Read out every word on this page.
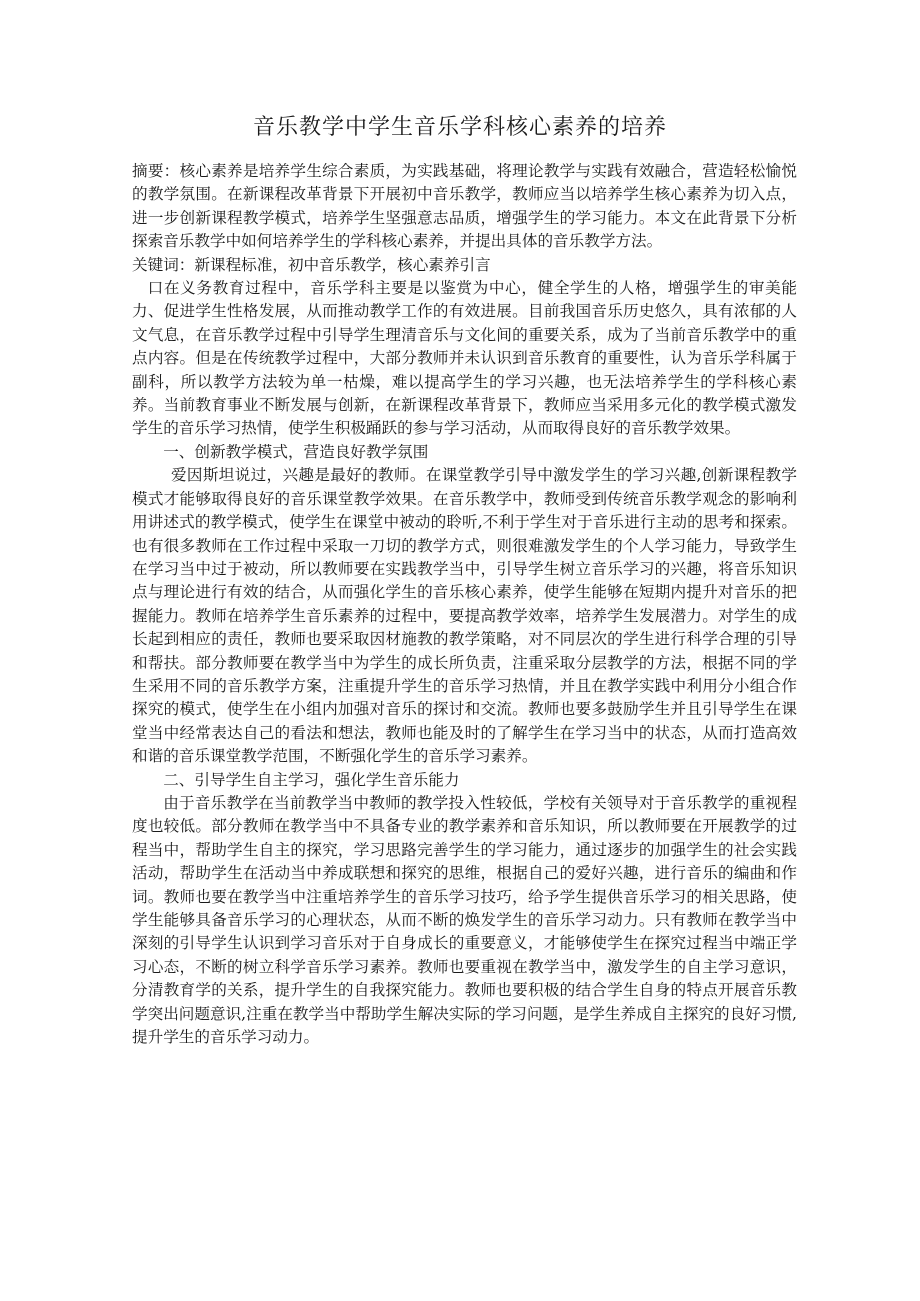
音乐教学中学生音乐学科核心素养的培养

摘要：核心素养是培养学生综合素质，为实践基础，将理论教学与实践有效融合，营造轻松愉悦的教学氛围。在新课程改革背景下开展初中音乐教学，教师应当以培养学生核心素养为切入点，进一步创新课程教学模式，培养学生坚强意志品质，增强学生的学习能力。本文在此背景下分析探索音乐教学中如何培养学生的学科核心素养，并提出具体的音乐教学方法。

关键词：新课程标准，初中音乐教学，核心素养引言

口在义务教育过程中，音乐学科主要是以鉴赏为中心，健全学生的人格，增强学生的审美能力、促进学生性格发展，从而推动教学工作的有效进展。目前我国音乐历史悠久，具有浓郁的人文气息，在音乐教学过程中引导学生理清音乐与文化间的重要关系，成为了当前音乐教学中的重点内容。但是在传统教学过程中，大部分教师并未认识到音乐教育的重要性，认为音乐学科属于副科，所以教学方法较为单一枯燥，难以提高学生的学习兴趣，也无法培养学生的学科核心素养。当前教育事业不断发展与创新，在新课程改革背景下，教师应当采用多元化的教学模式激发学生的音乐学习热情，使学生积极踊跃的参与学习活动，从而取得良好的音乐教学效果。

一、创新教学模式，营造良好教学氛围

爱因斯坦说过，兴趣是最好的教师。在课堂教学引导中激发学生的学习兴趣,创新课程教学模式才能够取得良好的音乐课堂教学效果。在音乐教学中，教师受到传统音乐教学观念的影响利用讲述式的教学模式，使学生在课堂中被动的聆听,不利于学生对于音乐进行主动的思考和探索。也有很多教师在工作过程中采取一刀切的教学方式，则很难激发学生的个人学习能力，导致学生在学习当中过于被动，所以教师要在实践教学当中，引导学生树立音乐学习的兴趣，将音乐知识点与理论进行有效的结合，从而强化学生的音乐核心素养，使学生能够在短期内提升对音乐的把握能力。教师在培养学生音乐素养的过程中，要提高教学效率，培养学生发展潜力。对学生的成长起到相应的责任，教师也要采取因材施教的教学策略，对不同层次的学生进行科学合理的引导和帮扶。部分教师要在教学当中为学生的成长所负责，注重采取分层教学的方法，根据不同的学生采用不同的音乐教学方案，注重提升学生的音乐学习热情，并且在教学实践中利用分小组合作探究的模式，使学生在小组内加强对音乐的探讨和交流。教师也要多鼓励学生并且引导学生在课堂当中经常表达自己的看法和想法，教师也能及时的了解学生在学习当中的状态，从而打造高效和谐的音乐课堂教学范围，不断强化学生的音乐学习素养。

二、引导学生自主学习，强化学生音乐能力

由于音乐教学在当前教学当中教师的教学投入性较低，学校有关领导对于音乐教学的重视程度也较低。部分教师在教学当中不具备专业的教学素养和音乐知识，所以教师要在开展教学的过程当中，帮助学生自主的探究，学习思路完善学生的学习能力，通过逐步的加强学生的社会实践活动，帮助学生在活动当中养成联想和探究的思维，根据自己的爱好兴趣，进行音乐的编曲和作词。教师也要在教学当中注重培养学生的音乐学习技巧，给予学生提供音乐学习的相关思路，使学生能够具备音乐学习的心理状态，从而不断的焕发学生的音乐学习动力。只有教师在教学当中深刻的引导学生认识到学习音乐对于自身成长的重要意义，才能够使学生在探究过程当中端正学习心态，不断的树立科学音乐学习素养。教师也要重视在教学当中，激发学生的自主学习意识，分清教育学的关系，提升学生的自我探究能力。教师也要积极的结合学生自身的特点开展音乐教学突出问题意识,注重在教学当中帮助学生解决实际的学习问题，是学生养成自主探究的良好习惯,提升学生的音乐学习动力。
